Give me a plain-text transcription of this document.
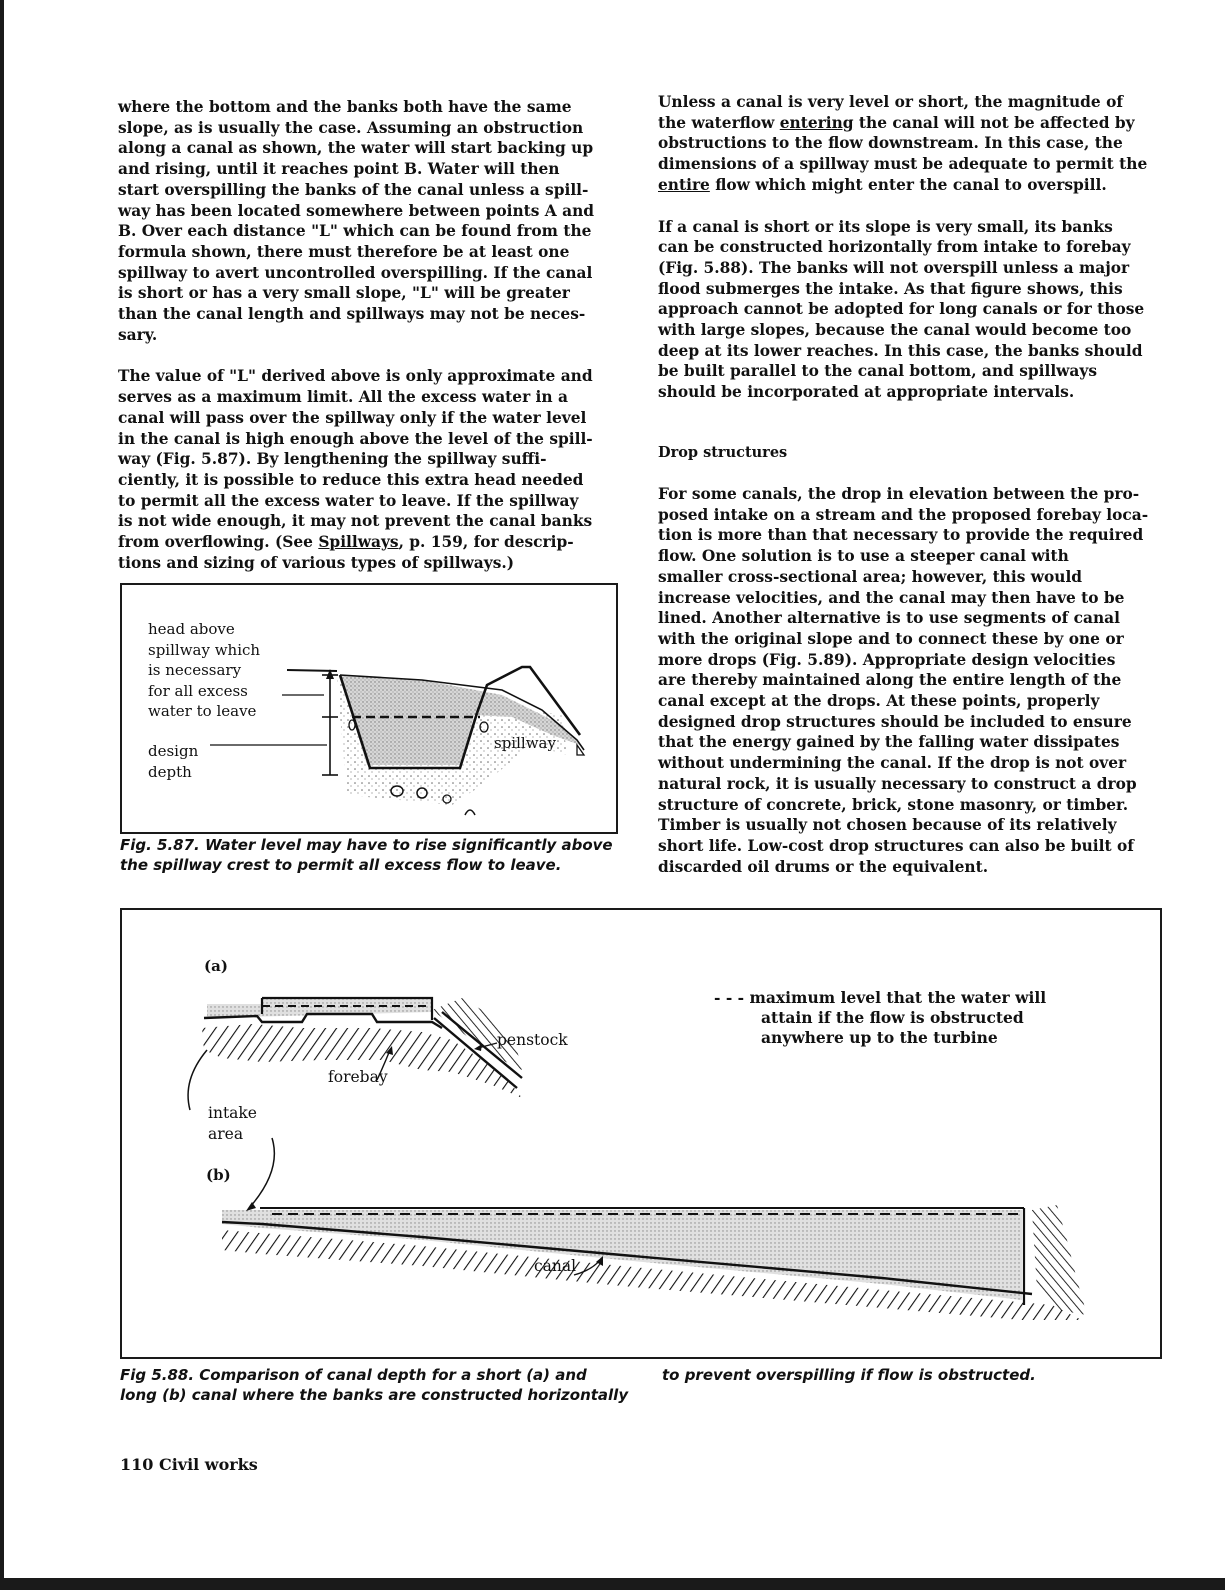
where the bottom and the banks both have the same

slope, as is usually the case. Assuming an obstruction

along a canal as shown, the water will start backing up

and rising, until it reaches point B. Water will then

start overspilling the banks of the canal unless a spill-

way has been located somewhere between points A and

B. Over each distance "L" which can be found from the

formula shown, there must therefore be at least one

spillway to avert uncontrolled overspilling. If the canal

is short or has a very small slope, "L" will be greater

than the canal length and spillways may not be neces-

sary.

The value of "L" derived above is only approximate and

serves as a maximum limit. All the excess water in a

canal will pass over the spillway only if the water level

in the canal is high enough above the level of the spill-

way (Fig. 5.87). By lengthening the spillway suffi-

ciently, it is possible to reduce this extra head needed

to permit all the excess water to leave. If the spillway

is not wide enough, it may not prevent the canal banks

from overflowing. (See Spillways, p. 159, for descrip-

tions and sizing of various types of spillways.)

Unless a canal is very level or short, the magnitude of

the waterflow entering the canal will not be affected by

obstructions to the flow downstream. In this case, the

dimensions of a spillway must be adequate to permit the

entire flow which might enter the canal to overspill.

If a canal is short or its slope is very small, its banks

can be constructed horizontally from intake to forebay

(Fig. 5.88). The banks will not overspill unless a major

flood submerges the intake. As that figure shows, this

approach cannot be adopted for long canals or for those

with large slopes, because the canal would become too

deep at its lower reaches. In this case, the banks should

be built parallel to the canal bottom, and spillways

should be incorporated at appropriate intervals.

Drop structures

For some canals, the drop in elevation between the pro-

posed intake on a stream and the proposed forebay loca-

tion is more than that necessary to provide the required

flow. One solution is to use a steeper canal with

smaller cross-sectional area; however, this would

increase velocities, and the canal may then have to be

lined. Another alternative is to use segments of canal

with the original slope and to connect these by one or

more drops (Fig. 5.89). Appropriate design velocities

are thereby maintained along the entire length of the

canal except at the drops. At these points, properly

designed drop structures should be included to ensure

that the energy gained by the falling water dissipates

without undermining the canal. If the drop is not over

natural rock, it is usually necessary to construct a drop

structure of concrete, brick, stone masonry, or timber.

Timber is usually not chosen because of its relatively

short life. Low-cost drop structures can also be built of

discarded oil drums or the equivalent.

head above
spillway which
is necessary
for all excess
water to leave
design
depth
spillway
Fig. 5.87. Water level may have to rise significantly above
the spillway crest to permit all excess flow to leave.
(a)
(b)
penstock
forebay
intake
area
canal
- - - maximum level that the water will
attain if the flow is obstructed
anywhere up to the turbine
Fig 5.88. Comparison of canal depth for a short (a) and
long (b) canal where the banks are constructed horizontally
to prevent overspilling if flow is obstructed.
110 Civil works
